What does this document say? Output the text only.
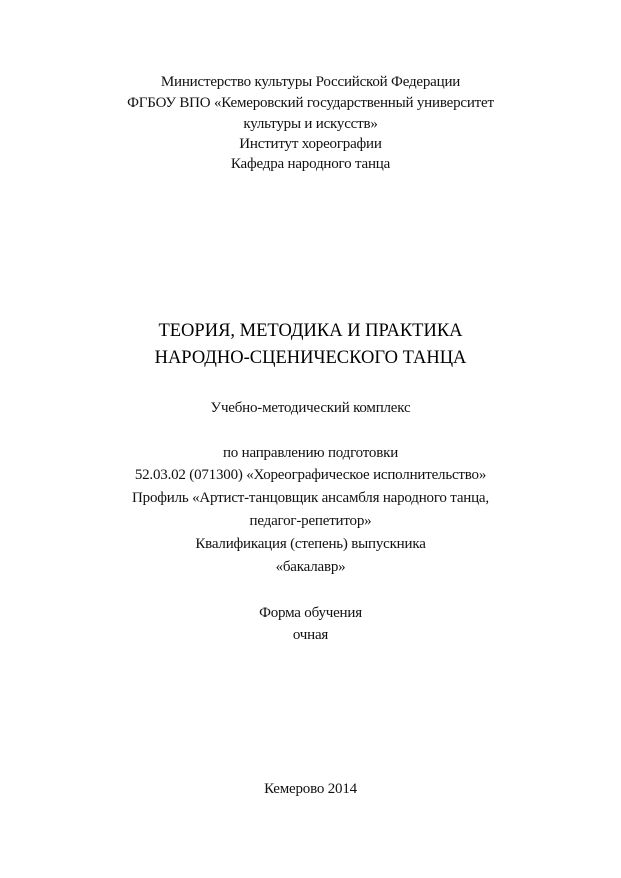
Министерство культуры Российской Федерации
ФГБОУ ВПО «Кемеровский государственный университет
культуры и искусств»
Институт хореографии
Кафедра народного танца
ТЕОРИЯ, МЕТОДИКА И ПРАКТИКА
НАРОДНО-СЦЕНИЧЕСКОГО ТАНЦА
Учебно-методический комплекс
по направлению подготовки
52.03.02 (071300) «Хореографическое исполнительство»
Профиль «Артист-танцовщик ансамбля народного танца,
педагог-репетитор»
Квалификация (степень) выпускника
«бакалавр»
Форма обучения
очная
Кемерово 2014
